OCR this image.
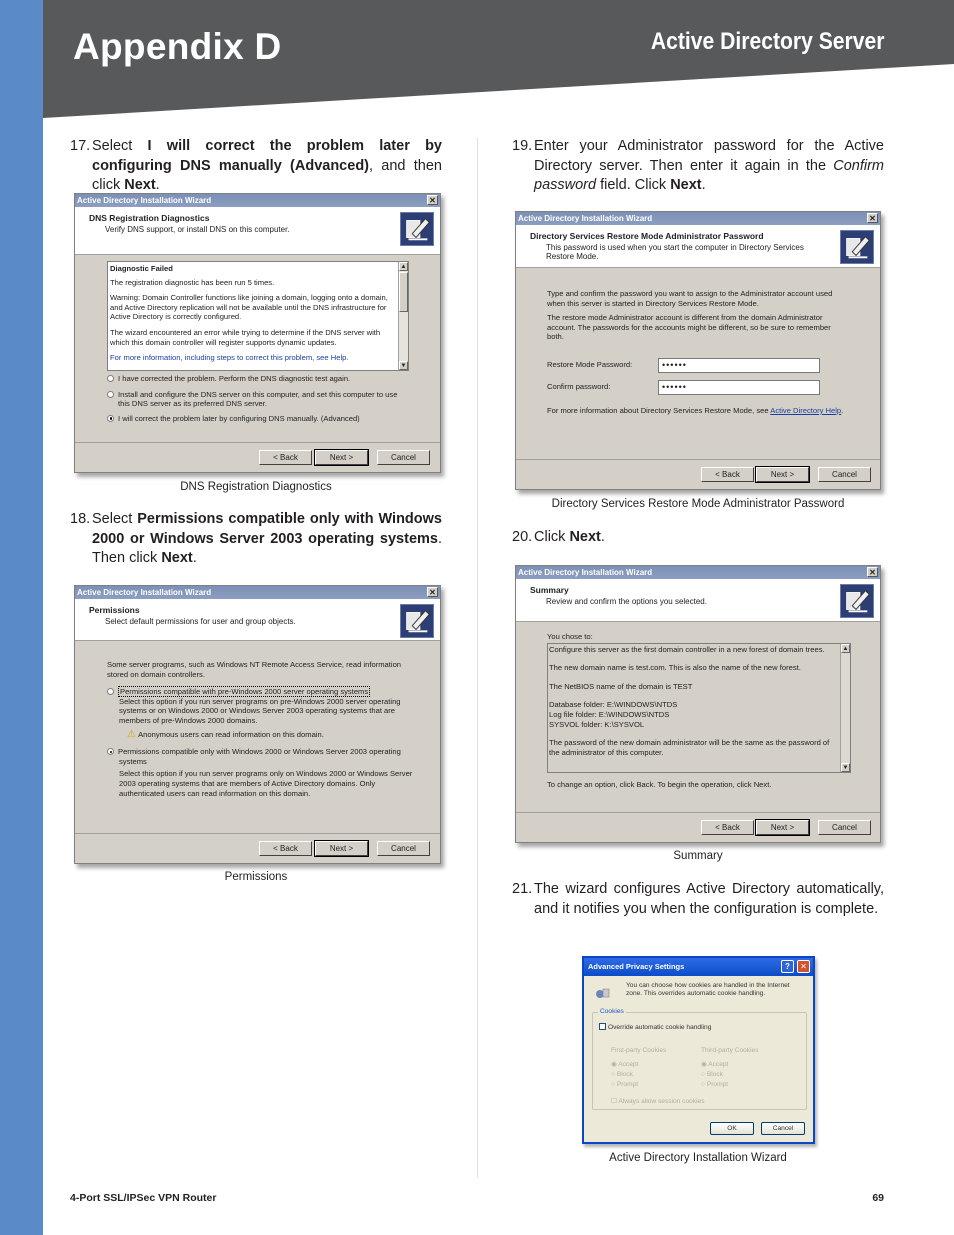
Appendix D	Active Directory Server
17. Select I will correct the problem later by configuring DNS manually (Advanced), and then click Next.
Active Directory Installation Wizard	✕
DNS Registration Diagnostics
Verify DNS support, or install DNS on this computer.
Diagnostic Failed
The registration diagnostic has been run 5 times.
Warning: Domain Controller functions like joining a domain, logging onto a domain, and Active Directory replication will not be available until the DNS infrastructure for Active Directory is correctly configured.
The wizard encountered an error while trying to determine if the DNS server with which this domain controller will register supports dynamic updates.
For more information, including steps to correct this problem, see Help.
▲
▼
I have corrected the problem. Perform the DNS diagnostic test again.
Install and configure the DNS server on this computer, and set this computer to use this DNS server as its preferred DNS server.
I will correct the problem later by configuring DNS manually. (Advanced)
< Back	Next >	Cancel
DNS Registration Diagnostics
18. Select Permissions compatible only with Windows 2000 or Windows Server 2003 operating systems. Then click Next.
Active Directory Installation Wizard	✕
Permissions
Select default permissions for user and group objects.
Some server programs, such as Windows NT Remote Access Service, read information stored on domain controllers.
Permissions compatible with pre-Windows 2000 server operating systems
Select this option if you run server programs on pre-Windows 2000 server operating systems or on Windows 2000 or Windows Server 2003 operating systems that are members of pre-Windows 2000 domains.
⚠ Anonymous users can read information on this domain.
Permissions compatible only with Windows 2000 or Windows Server 2003 operating systems
Select this option if you run server programs only on Windows 2000 or Windows Server 2003 operating systems that are members of Active Directory domains. Only authenticated users can read information on this domain.
< Back	Next >	Cancel
Permissions
19. Enter your Administrator password for the Active Directory server. Then enter it again in the Confirm password field. Click Next.
Active Directory Installation Wizard	✕
Directory Services Restore Mode Administrator Password
This password is used when you start the computer in Directory Services Restore Mode.
Type and confirm the password you want to assign to the Administrator account used when this server is started in Directory Services Restore Mode.
The restore mode Administrator account is different from the domain Administrator account. The passwords for the accounts might be different, so be sure to remember both.
Restore Mode Password:	••••••
Confirm password:	••••••
For more information about Directory Services Restore Mode, see Active Directory Help.
< Back	Next >	Cancel
Directory Services Restore Mode Administrator Password
20. Click Next.
Active Directory Installation Wizard	✕
Summary
Review and confirm the options you selected.
You chose to:
Configure this server as the first domain controller in a new forest of domain trees.
The new domain name is test.com. This is also the name of the new forest.
The NetBIOS name of the domain is TEST
Database folder: E:\WINDOWS\NTDS
Log file folder: E:\WINDOWS\NTDS
SYSVOL folder: K:\SYSVOL
The password of the new domain administrator will be the same as the password of the administrator of this computer.
▲
▼
To change an option, click Back. To begin the operation, click Next.
< Back	Next >	Cancel
Summary
21. The wizard configures Active Directory automatically, and it notifies you when the configuration is complete.
Advanced Privacy Settings	?	✕
You can choose how cookies are handled in the Internet zone. This overrides automatic cookie handling.
Cookies
Override automatic cookie handling
First-party Cookies	Third-party Cookies
◉ Accept
○ Block
○ Prompt
◉ Accept
○ Block
○ Prompt
☐ Always allow session cookies
OK	Cancel
Active Directory Installation Wizard
4-Port SSL/IPSec VPN Router	69
